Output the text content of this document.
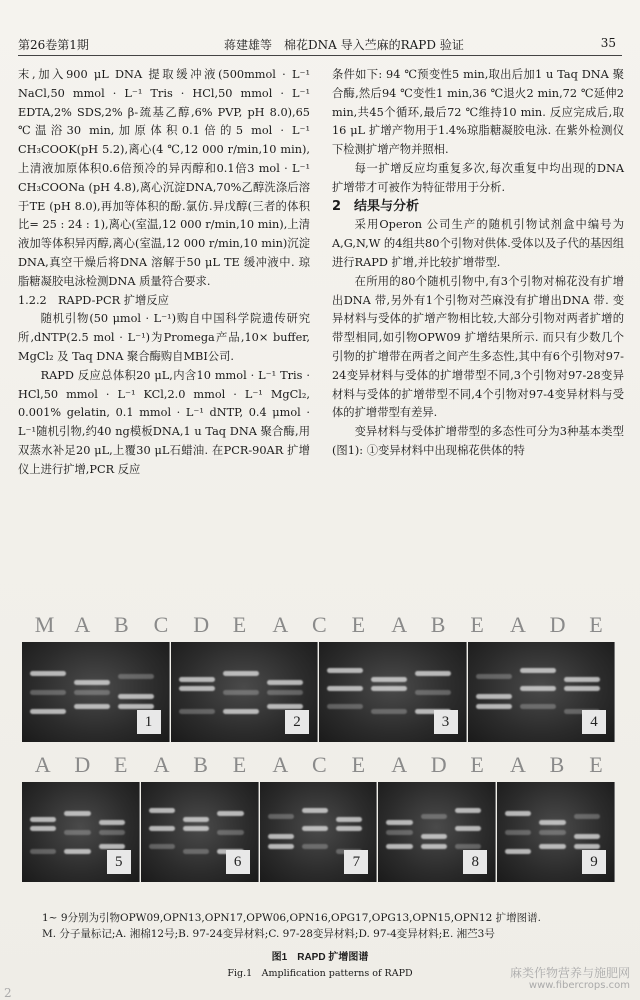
第26卷第1期	蒋建雄等　棉花DNA 导入苎麻的RAPD 验证	35

末,加入900 μL DNA 提取缓冲液(500mmol · L⁻¹ NaCl,50 mmol · L⁻¹ Tris · HCl,50 mmol · L⁻¹ EDTA,2% SDS,2% β-巯基乙醇,6% PVP, pH 8.0),65 ℃温浴30 min,加原体积0.1倍的5 mol · L⁻¹ CH₃COOK(pH 5.2),离心(4 ℃,12 000 r/min,10 min),上清液加原体积0.6倍预冷的异丙醇和0.1倍3 mol · L⁻¹ CH₃COONa (pH 4.8),离心沉淀DNA,70%乙醇洗涤后溶于TE (pH 8.0),再加等体积的酚.氯仿.异戊醇(三者的体积比= 25 : 24 : 1),离心(室温,12 000 r/min,10 min),上清液加等体积异丙醇,离心(室温,12 000 r/min,10 min)沉淀DNA,真空干燥后将DNA 溶解于50 μL TE 缓冲液中. 琼脂糖凝胶电泳检测DNA 质量符合要求.

1.2.2　RAPD-PCR 扩增反应

随机引物(50 μmol · L⁻¹)购自中国科学院遗传研究所,dNTP(2.5 mol · L⁻¹)为Promega产品,10× buffer, MgCl₂ 及 Taq DNA 聚合酶购自MBI公司.

RAPD 反应总体积20 μL,内含10 mmol · L⁻¹ Tris · HCl,50 mmol · L⁻¹ KCl,2.0 mmol · L⁻¹ MgCl₂, 0.001% gelatin, 0.1 mmol · L⁻¹ dNTP, 0.4 μmol · L⁻¹随机引物,约40 ng模板DNA,1 u Taq DNA 聚合酶,用双蒸水补足20 μL,上覆30 μL石蜡油. 在PCR-90AR 扩增仪上进行扩增,PCR 反应

条件如下: 94 ℃预变性5 min,取出后加1 u Taq DNA 聚合酶,然后94 ℃变性1 min,36 ℃退火2 min,72 ℃延伸2 min,共45个循环,最后72 ℃维持10 min. 反应完成后,取16 μL 扩增产物用于1.4%琼脂糖凝胶电泳. 在紫外检测仪下检测扩增产物并照相.

每一扩增反应均重复多次,每次重复中均出现的DNA 扩增带才可被作为特征带用于分析.

2　结果与分析

采用Operon 公司生产的随机引物试剂盒中编号为A,G,N,W 的4组共80个引物对供体.受体以及子代的基因组进行RAPD 扩增,并比较扩增带型.

在所用的80个随机引物中,有3个引物对棉花没有扩增出DNA 带,另外有1个引物对苎麻没有扩增出DNA 带. 变异材料与受体的扩增产物相比较,大部分引物对两者扩增的带型相同,如引物OPW09 扩增结果所示. 而只有少数几个引物的扩增带在两者之间产生多态性,其中有6个引物对97-24变异材料与受体的扩增带型不同,3个引物对97-28变异材料与受体的扩增带型不同,4个引物对97-4变异材料与受体的扩增带型有差异.

变异材料与受体扩增带型的多态性可分为3种基本类型(图1): ①变异材料中出现棉花供体的特

M A B C D E A C E A B E A D E
1	2	3	4
A D E A B E A C E A D E A B E
5	6	7	8	9
1~ 9分别为引物OPW09,OPN13,OPN17,OPW06,OPN16,OPG17,OPG13,OPN15,OPN12 扩增图谱.
M. 分子量标记;A. 湘棉12号;B. 97-24变异材料;C. 97-28变异材料;D. 97-4变异材料;E. 湘苎3号
图1　RAPD 扩增图谱
Fig.1　Amplification patterns of RAPD	麻类作物营养与施肥网
www.fibercrops.com
2
